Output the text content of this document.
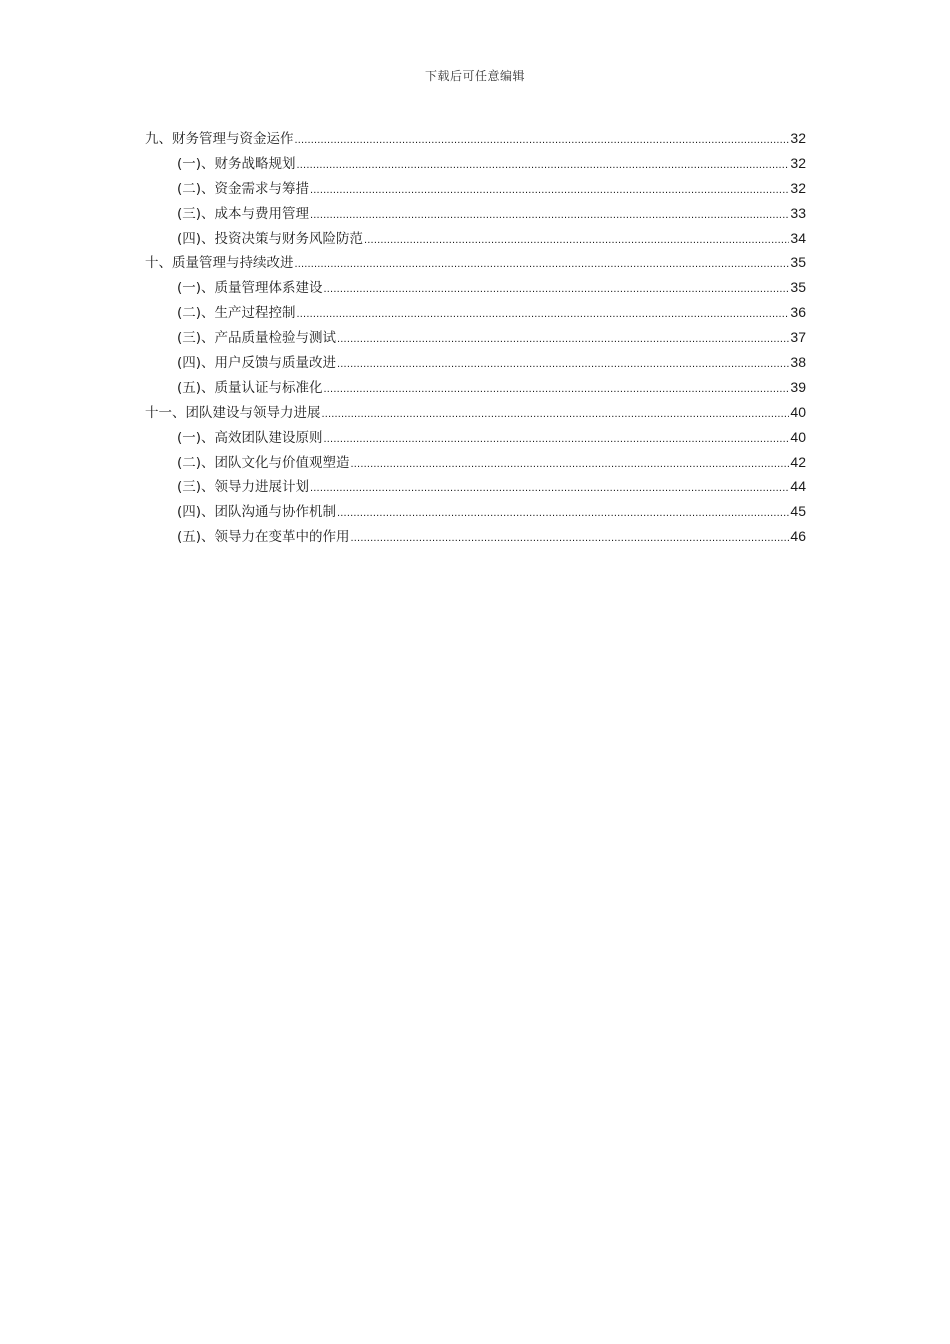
下载后可任意编辑
九、财务管理与资金运作 .....	32
(一)、财务战略规划 .....	32
(二)、资金需求与筹措 .....	32
(三)、成本与费用管理 .....	33
(四)、投资决策与财务风险防范 .....	34
十、质量管理与持续改进 .....	35
(一)、质量管理体系建设 .....	35
(二)、生产过程控制 .....	36
(三)、产品质量检验与测试 .....	37
(四)、用户反馈与质量改进 .....	38
(五)、质量认证与标准化 .....	39
十一、团队建设与领导力进展 .....	40
(一)、高效团队建设原则 .....	40
(二)、团队文化与价值观塑造 .....	42
(三)、领导力进展计划 .....	44
(四)、团队沟通与协作机制 .....	45
(五)、领导力在变革中的作用 .....	46
